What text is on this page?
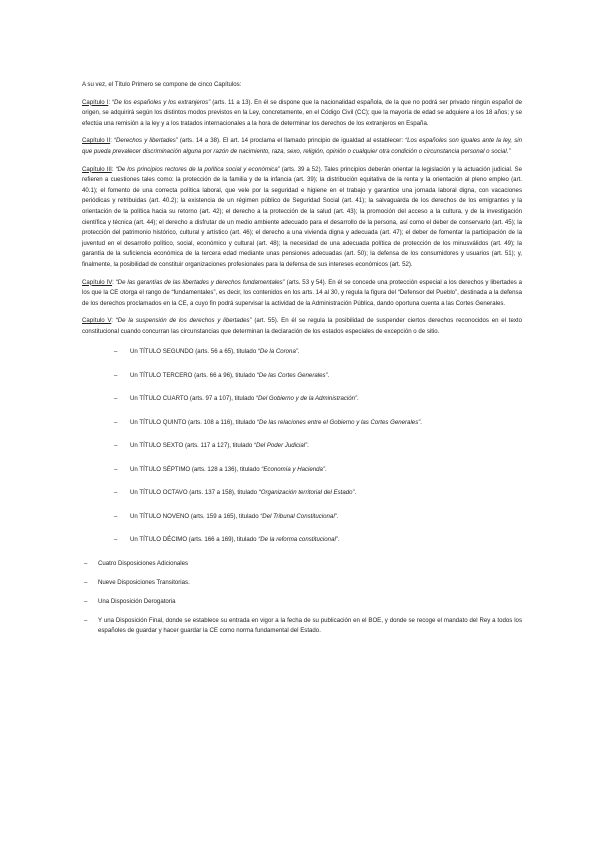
A su vez, el Título Primero se compone de cinco Capítulos:

Capítulo I: “De los españoles y los extranjeros” (arts. 11 a 13). En él se dispone que la nacionalidad española, de la que no podrá ser privado ningún español de origen, se adquirirá según los distintos modos previstos en la Ley, concretamente, en el Código Civil (CC); que la mayoría de edad se adquiere a los 18 años; y se efectúa una remisión a la ley y a los tratados internacionales a la hora de determinar los derechos de los extranjeros en España.

Capítulo II: “Derechos y libertades” (arts. 14 a 38). El art. 14 proclama el llamado principio de igualdad al establecer: “Los españoles son iguales ante la ley, sin que pueda prevalecer discriminación alguna por razón de nacimiento, raza, sexo, religión, opinión o cualquier otra condición o circunstancia personal o social.”

Capítulo III: “De los principios rectores de la política social y económica” (arts. 39 a 52). Tales principios deberán orientar la legislación y la actuación judicial. Se refieren a cuestiones tales como: la protección de la familia y de la infancia (art. 39); la distribución equitativa de la renta y la orientación al pleno empleo (art. 40.1); el fomento de una correcta política laboral, que vele por la seguridad e higiene en el trabajo y garantice una jornada laboral digna, con vacaciones periódicas y retribuidas (art. 40.2); la existencia de un régimen público de Seguridad Social (art. 41); la salvaguarda de los derechos de los emigrantes y la orientación de la política hacia su retorno (art. 42); el derecho a la protección de la salud (art. 43); la promoción del acceso a la cultura, y de la investigación científica y técnica (art. 44); el derecho a disfrutar de un medio ambiente adecuado para el desarrollo de la persona, así como el deber de conservarlo (art. 45); la protección del patrimonio histórico, cultural y artístico (art. 46); el derecho a una vivienda digna y adecuada (art. 47); el deber de fomentar la participación de la juventud en el desarrollo político, social, económico y cultural (art. 48); la necesidad de una adecuada política de protección de los minusválidos (art. 49); la garantía de la suficiencia económica de la tercera edad mediante unas pensiones adecuadas (art. 50); la defensa de los consumidores y usuarios (art. 51); y, finalmente, la posibilidad de constituir organizaciones profesionales para la defensa de sus intereses económicos (art. 52).

Capítulo IV: “De las garantías de las libertades y derechos fundamentales” (arts. 53 y 54). En él se concede una protección especial a los derechos y libertades a los que la CE otorga el rango de “fundamentales”, es decir, los contenidos en los arts. 14 al 30, y regula la figura del “Defensor del Pueblo”, destinada a la defensa de los derechos proclamados en la CE, a cuyo fin podrá supervisar la actividad de la Administración Pública, dando oportuna cuenta a las Cortes Generales.

Capítulo V: “De la suspensión de los derechos y libertades” (art. 55). En él se regula la posibilidad de suspender ciertos derechos reconocidos en el texto constitucional cuando concurran las circunstancias que determinan la declaración de los estados especiales de excepción o de sitio.

– Un TÍTULO SEGUNDO (arts. 56 a 65), titulado “De la Corona”.
– Un TÍTULO TERCERO (arts. 66 a 96), titulado “De las Cortes Generales”.
– Un TÍTULO CUARTO (arts. 97 a 107), titulado “Del Gobierno y de la Administración”.
– Un TÍTULO QUINTO (arts. 108 a 116), titulado “De las relaciones entre el Gobierno y las Cortes Generales”.
– Un TÍTULO SEXTO (arts. 117 a 127), titulado “Del Poder Judicial”.
– Un TÍTULO SÉPTIMO (arts. 128 a 136), titulado “Economía y Hacienda”.
– Un TÍTULO OCTAVO (arts. 137 a 158), titulado “Organización territorial del Estado”.
– Un TÍTULO NOVENO (arts. 159 a 165), titulado “Del Tribunal Constitucional”.
– Un TÍTULO DÉCIMO (arts. 166 a 169), titulado “De la reforma constitucional”.
– Cuatro Disposiciones Adicionales
– Nueve Disposiciones Transitorias.
– Una Disposición Derogatoria
– Y una Disposición Final, donde se establece su entrada en vigor a la fecha de su publicación en el BOE, y donde se recoge el mandato del Rey a todos los españoles de guardar y hacer guardar la CE como norma fundamental del Estado.
